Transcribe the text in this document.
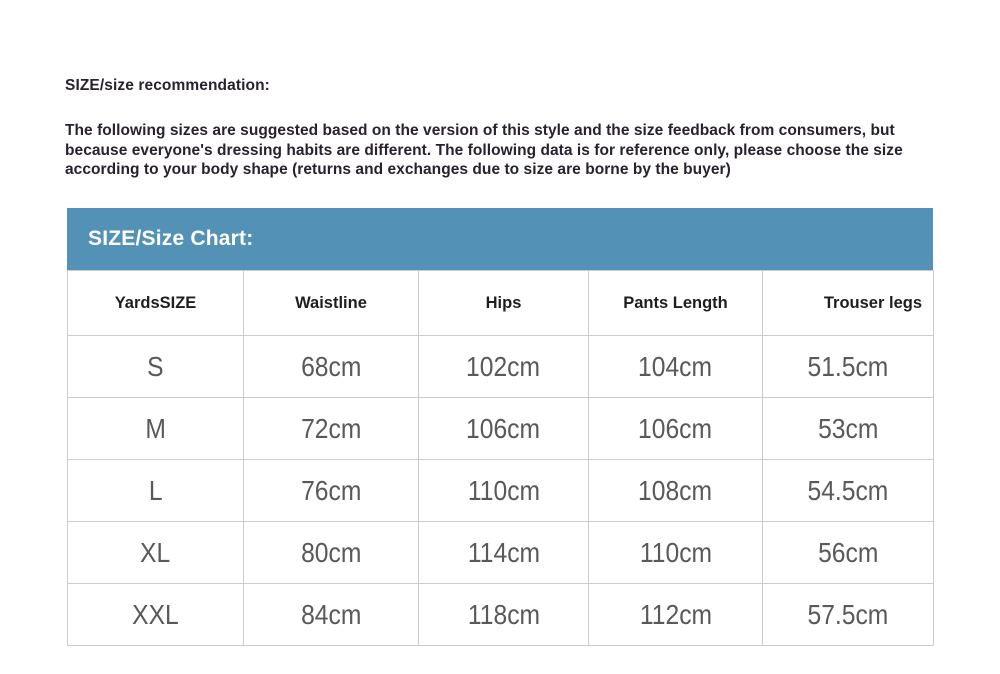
SIZE/size recommendation:
The following sizes are suggested based on the version of this style and the size feedback from consumers, but because everyone's dressing habits are different. The following data is for reference only, please choose the size according to your body shape (returns and exchanges due to size are borne by the buyer)
SIZE/Size Chart:
YardsSIZE	Waistline	Hips	Pants Length	Trouser legs
S	68cm	102cm	104cm	51.5cm
M	72cm	106cm	106cm	53cm
L	76cm	110cm	108cm	54.5cm
XL	80cm	114cm	110cm	56cm
XXL	84cm	118cm	112cm	57.5cm
